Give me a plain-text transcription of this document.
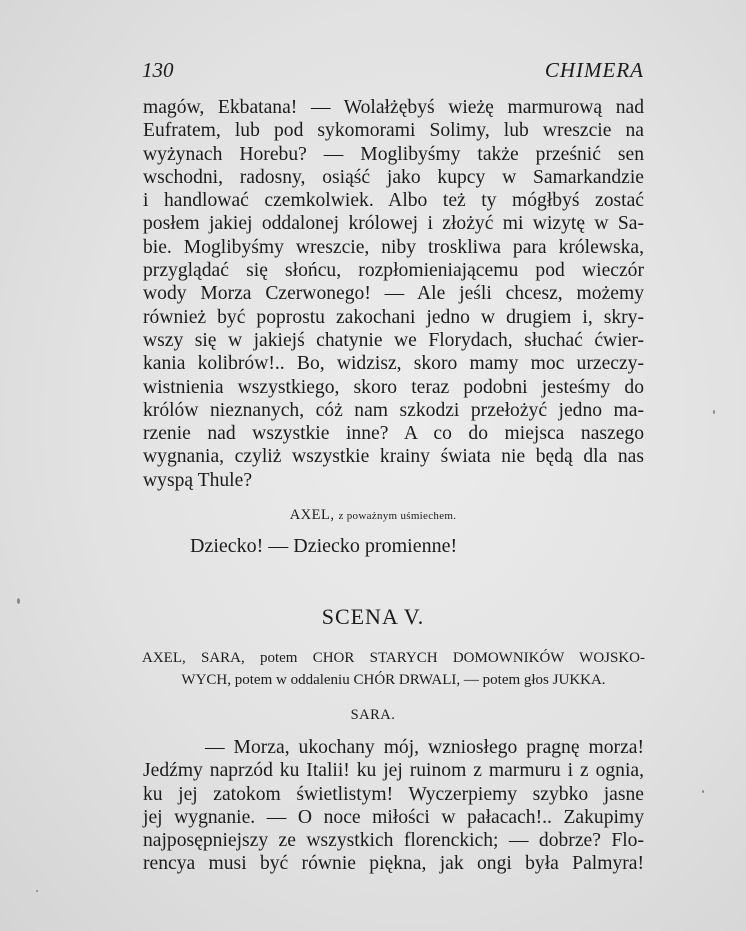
130	CHIMERA

magów, Ekbatana! — Wolałżębyś wieżę marmurową nad
Eufratem, lub pod sykomorami Solimy, lub wreszcie na
wyżynach Horebu? — Moglibyśmy także prześnić sen
wschodni, radosny, osiąść jako kupcy w Samarkandzie
i handlować czemkolwiek. Albo też ty mógłbyś zostać
posłem jakiej oddalonej królowej i złożyć mi wizytę w Sa-
bie. Moglibyśmy wreszcie, niby troskliwa para królewska,
przyglądać się słońcu, rozpłomieniającemu pod wieczór
wody Morza Czerwonego! — Ale jeśli chcesz, możemy
również być poprostu zakochani jedno w drugiem i, skry-
wszy się w jakiejś chatynie we Florydach, słuchać ćwier-
kania kolibrów!.. Bo, widzisz, skoro mamy moc urzeczy-
wistnienia wszystkiego, skoro teraz podobni jesteśmy do
królów nieznanych, cóż nam szkodzi przełożyć jedno ma-
rzenie nad wszystkie inne? A co do miejsca naszego
wygnania, czyliż wszystkie krainy świata nie będą dla nas
wyspą Thule?

AXEL, z poważnym uśmiechem.
Dziecko! — Dziecko promienne!
SCENA V.
AXEL, SARA, potem CHOR STARYCH DOMOWNIKÓW WOJSKO-
WYCH, potem w oddaleniu CHÓR DRWALI, — potem głos JUKKA.
SARA.

— Morza, ukochany mój, wzniosłego pragnę morza!
Jedźmy naprzód ku Italii! ku jej ruinom z marmuru i z ognia,
ku jej zatokom świetlistym! Wyczerpiemy szybko jasne
jej wygnanie. — O noce miłości w pałacach!.. Zakupimy
najposępniejszy ze wszystkich florenckich; — dobrze? Flo-
rencya musi być równie piękna, jak ongi była Palmyra!
